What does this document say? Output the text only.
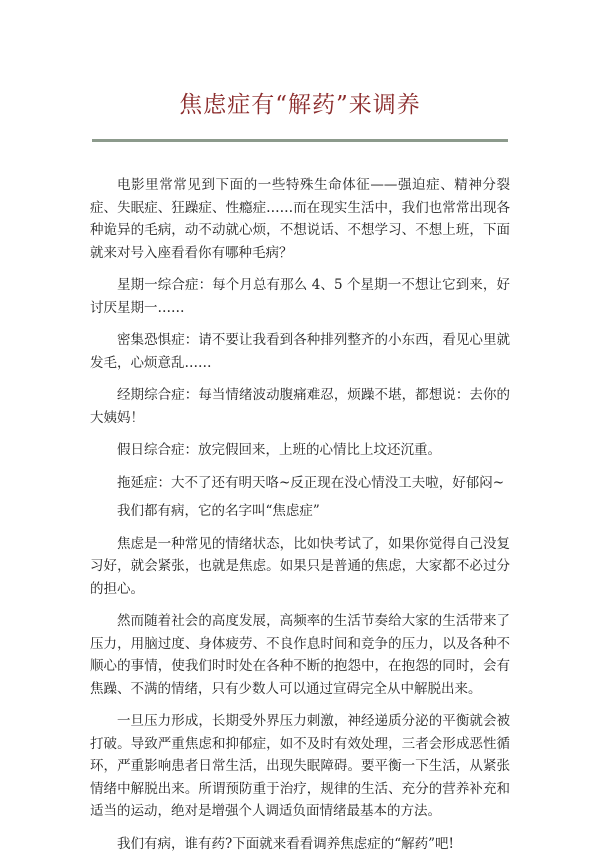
焦虑症有“解药”来调养

电影里常常见到下面的一些特殊生命体征——强迫症、精神分裂症、失眠症、狂躁症、性瘾症……而在现实生活中，我们也常常出现各种诡异的毛病，动不动就心烦，不想说话、不想学习、不想上班，下面就来对号入座看看你有哪种毛病？

星期一综合症：每个月总有那么 4、5 个星期一不想让它到来，好讨厌星期一……

密集恐惧症：请不要让我看到各种排列整齐的小东西，看见心里就发毛，心烦意乱……

经期综合症：每当情绪波动腹痛难忍，烦躁不堪，都想说：去你的大姨妈！

假日综合症：放完假回来，上班的心情比上坟还沉重。

拖延症：大不了还有明天咯~反正现在没心情没工夫啦，好郁闷~

我们都有病，它的名字叫“焦虑症”

焦虑是一种常见的情绪状态，比如快考试了，如果你觉得自己没复习好，就会紧张，也就是焦虑。如果只是普通的焦虑，大家都不必过分的担心。

然而随着社会的高度发展，高频率的生活节奏给大家的生活带来了压力，用脑过度、身体疲劳、不良作息时间和竞争的压力，以及各种不顺心的事情，使我们时时处在各种不断的抱怨中，在抱怨的同时，会有焦躁、不满的情绪，只有少数人可以通过宣碍完全从中解脱出来。

一旦压力形成，长期受外界压力刺激，神经递质分泌的平衡就会被打破。导致严重焦虑和抑郁症，如不及时有效处理，三者会形成恶性循环，严重影响患者日常生活，出现失眠障碍。要平衡一下生活，从紧张情绪中解脱出来。所谓预防重于治疗，规律的生活、充分的营养补充和适当的运动，绝对是增强个人调适负面情绪最基本的方法。

我们有病，谁有药?下面就来看看调养焦虑症的“解药”吧!
